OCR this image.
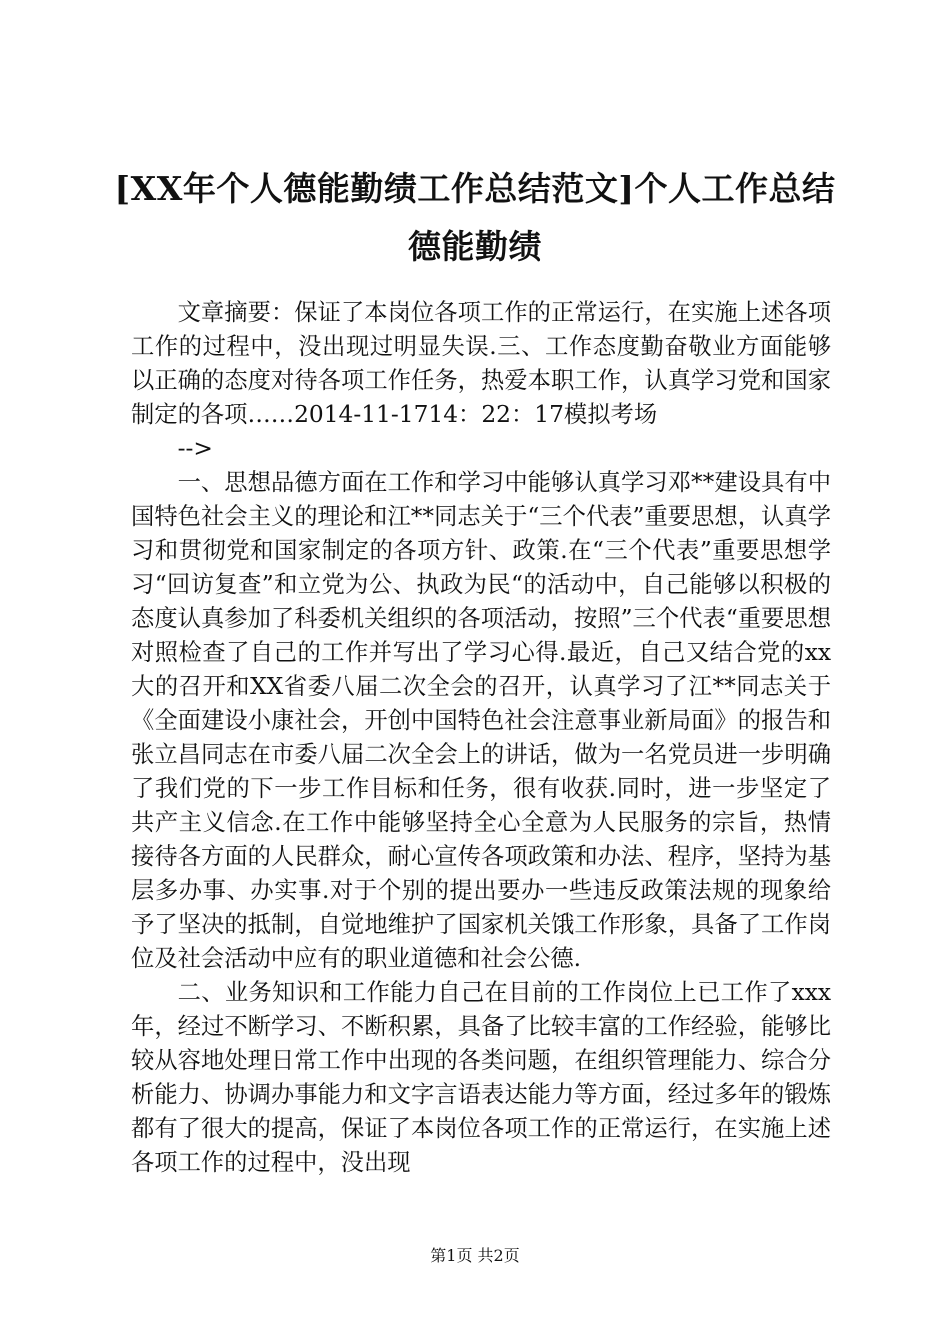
[XX年个人德能勤绩工作总结范文]个人工作总结德能勤绩

文章摘要：保证了本岗位各项工作的正常运行，在实施上述各项工作的过程中，没出现过明显失误.三、工作态度勤奋敬业方面能够以正确的态度对待各项工作任务，热爱本职工作，认真学习党和国家制定的各项……2014-11-1714：22：17模拟考场

-->

一、思想品德方面在工作和学习中能够认真学习邓**建设具有中国特色社会主义的理论和江**同志关于“三个代表”重要思想，认真学习和贯彻党和国家制定的各项方针、政策.在“三个代表”重要思想学习“回访复查”和立党为公、执政为民“的活动中，自己能够以积极的态度认真参加了科委机关组织的各项活动，按照”三个代表“重要思想对照检查了自己的工作并写出了学习心得.最近，自己又结合党的xx大的召开和XX省委八届二次全会的召开，认真学习了江**同志关于《全面建设小康社会，开创中国特色社会注意事业新局面》的报告和张立昌同志在市委八届二次全会上的讲话，做为一名党员进一步明确了我们党的下一步工作目标和任务，很有收获.同时，进一步坚定了共产主义信念.在工作中能够坚持全心全意为人民服务的宗旨，热情接待各方面的人民群众，耐心宣传各项政策和办法、程序，坚持为基层多办事、办实事.对于个别的提出要办一些违反政策法规的现象给予了坚决的抵制，自觉地维护了国家机关饿工作形象，具备了工作岗位及社会活动中应有的职业道德和社会公德.

二、业务知识和工作能力自己在目前的工作岗位上已工作了xxx年，经过不断学习、不断积累，具备了比较丰富的工作经验，能够比较从容地处理日常工作中出现的各类问题，在组织管理能力、综合分析能力、协调办事能力和文字言语表达能力等方面，经过多年的锻炼都有了很大的提高，保证了本岗位各项工作的正常运行，在实施上述各项工作的过程中，没出现

第1页 共2页
